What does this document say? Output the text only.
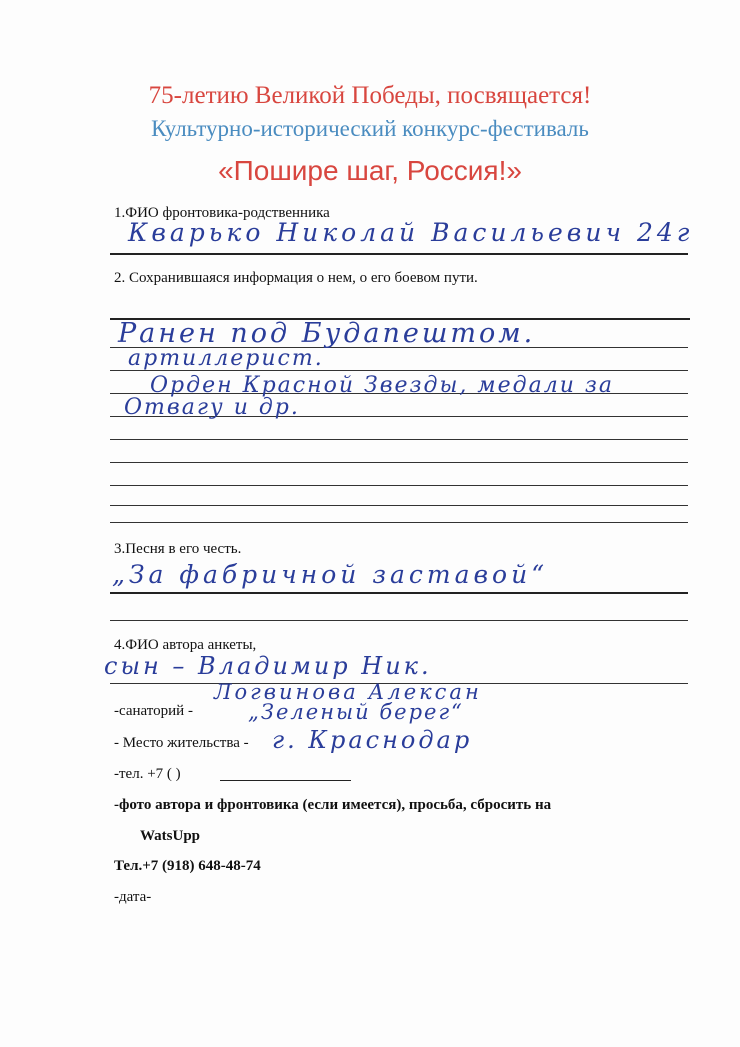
75-летию Великой Победы, посвящается!
Культурно-исторический конкурс-фестиваль
«Пошире шаг, Россия!»
1.ФИО фронтовика-родственника
Кварько Николай Васильевич 24г
2. Сохранившаяся информация о нем, о его боевом пути.
Ранен под Будапештом.
артиллерист.
Орден Красной Звезды, медали за
Отвагу и др.
3.Песня в его честь.
„За фабричной заставой“
4.ФИО автора анкеты,
сын – Владимир Ник.
Логвинова Алексан
-санаторий -	„Зеленый берег“
- Место жительства - г. Краснодар
-тел. +7 ( )
-фото автора и фронтовика (если имеется), просьба, сбросить на
WatsUpp
Тел.+7 (918) 648-48-74
-дата-
